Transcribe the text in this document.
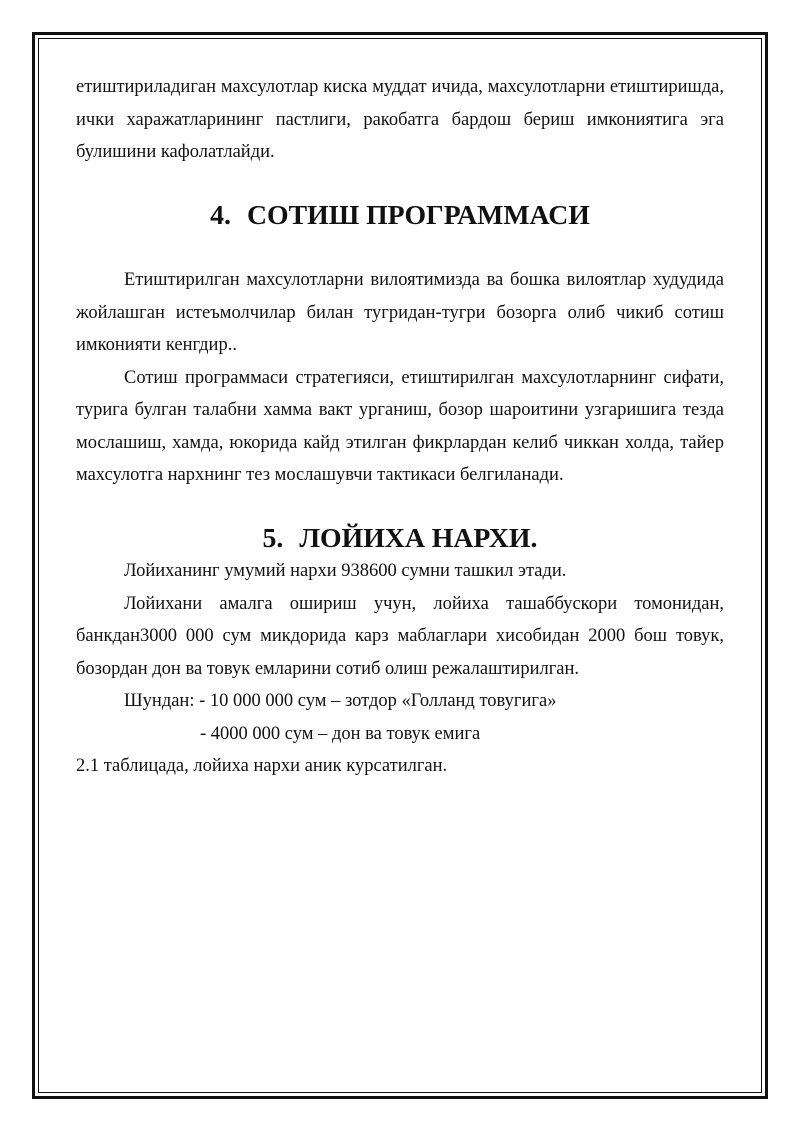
етиштириладиган махсулотлар киска муддат ичида, махсулотларни етиштиришда, ички харажатларининг пастлиги, ракобатга бардош бериш имкониятига эга булишини кафолатлайди.

4. СОТИШ ПРОГРАММАСИ

Етиштирилган махсулотларни вилоятимизда ва бошка вилоятлар худудида жойлашган истеъмолчилар билан тугридан-тугри бозорга олиб чикиб сотиш имконияти кенгдир..

Сотиш программаси стратегияси, етиштирилган махсулотларнинг сифати, турига булган талабни хамма вакт урганиш, бозор шароитини узгаришига тезда мослашиш, хамда, юкорида кайд этилган фикрлардан келиб чиккан холда, тайер махсулотга нархнинг тез мослашувчи тактикаси белгиланади.

5. ЛОЙИХА НАРХИ.

Лойиханинг умумий нархи 938600 сумни ташкил этади.

Лойихани амалга ошириш учун, лойиха ташаббускори томонидан, банкдан3000 000 сум микдорида карз маблаглари хисобидан 2000 бош товук, бозордан дон ва товук емларини сотиб олиш режалаштирилган.

Шундан: - 10 000 000 сум – зотдор «Голланд товугига»

- 4000 000 сум – дон ва товук емига

2.1 таблицада, лойиха нархи аник курсатилган.
